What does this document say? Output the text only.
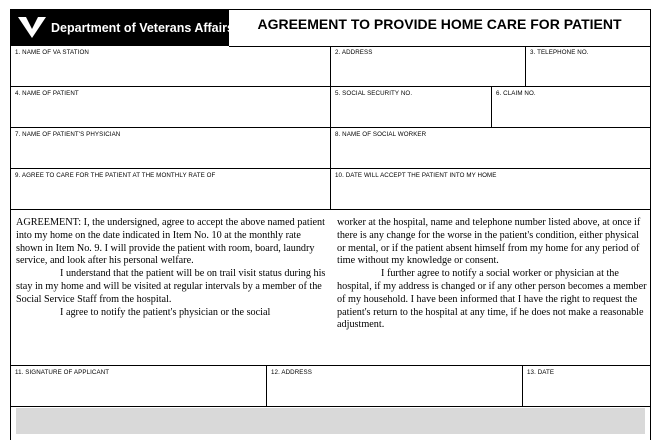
Department of Veterans Affairs	AGREEMENT TO PROVIDE HOME CARE FOR PATIENT
1. NAME OF VA STATION	2. ADDRESS	3. TELEPHONE NO.
4. NAME OF PATIENT	5. SOCIAL SECURITY NO.	6. CLAIM NO.
7. NAME OF PATIENT'S PHYSICIAN	8. NAME OF SOCIAL WORKER
9. AGREE TO CARE FOR THE PATIENT AT THE MONTHLY RATE OF	10. DATE WILL ACCEPT THE PATIENT INTO MY HOME

AGREEMENT: I, the undersigned, agree to accept the above named patient into my home on the date indicated in Item No. 10 at the monthly rate shown in Item No. 9. I will provide the patient with room, board, laundry service, and look after his personal welfare.

I understand that the patient will be on trail visit status during his stay in my home and will be visited at regular intervals by a member of the Social Service Staff from the hospital.

I agree to notify the patient's physician or the social

worker at the hospital, name and telephone number listed above, at once if there is any change for the worse in the patient's condition, either physical or mental, or if the patient absent himself from my home for any period of time without my knowledge or consent.

I further agree to notify a social worker or physician at the hospital, if my address is changed or if any other person becomes a member of my household. I have been informed that I have the right to request the patient's return to the hospital at any time, if he does not make a reasonable adjustment.

11. SIGNATURE OF APPLICANT	12. ADDRESS	13. DATE
